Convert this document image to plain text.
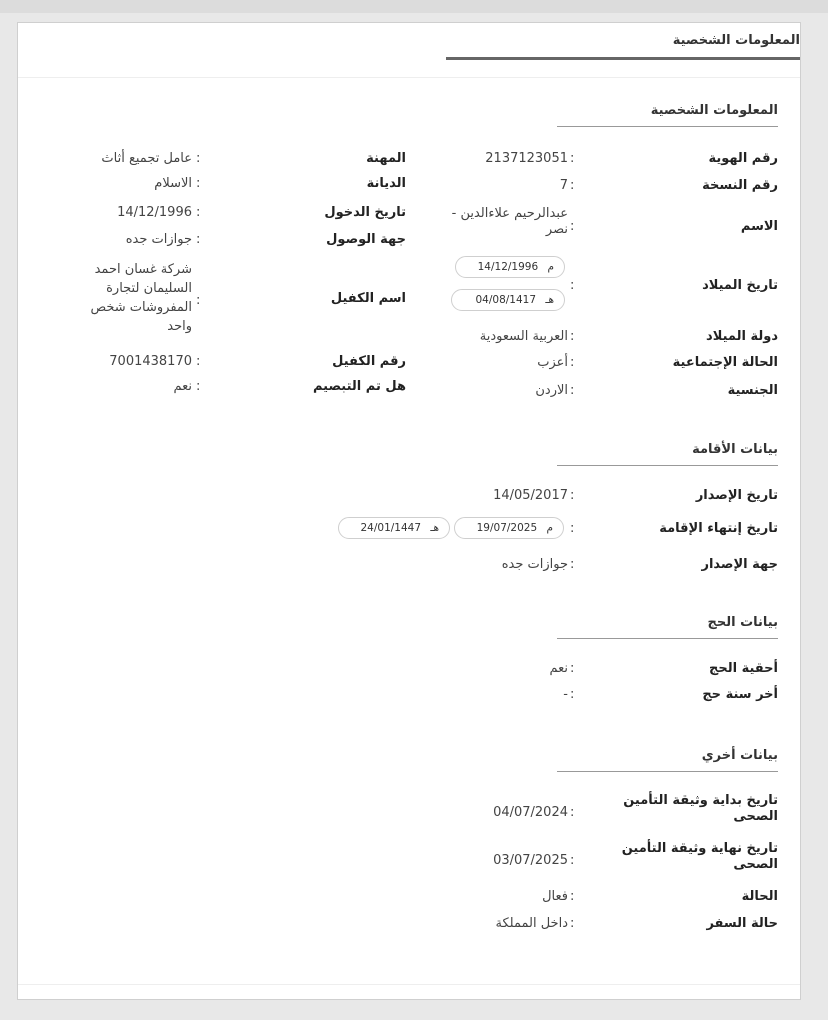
المعلومات الشخصية
المعلومات الشخصية
رقم الهوية
:
2137123051
رقم النسخة
:
7
الاسم
:
عبدالرحيم علاءالدين - نصر
تاريخ الميلاد
:
م 14/12/1996
هـ 04/08/1417
دولة الميلاد
:
العربية السعودية
الحالة الإجتماعية
:
أعزب
الجنسية
:
الاردن
المهنة
:
عامل تجميع أثاث
الديانة
:
الاسلام
تاريخ الدخول
:
14/12/1996
جهة الوصول
:
جوازات جده
اسم الكفيل
:
شركة غسان احمد السليمان لتجارة المفروشات شخص واحد
رقم الكفيل
:
7001438170
هل تم التبصيم
:
نعم
بيانات الأقامة
تاريخ الإصدار
:
14/05/2017
تاريخ إنتهاء الإقامة
:
م 19/07/2025
هـ 24/01/1447
جهة الإصدار
:
جوازات جده
بيانات الحج
أحقية الحج
:
نعم
أخر سنة حج
:
-
بيانات أخري
تاريخ بداية وثيقة التأمين الصحى
:
04/07/2024
تاريخ نهاية وثيقة التأمين الصحى
:
03/07/2025
الحالة
:
فعال
حالة السفر
:
داخل المملكة
